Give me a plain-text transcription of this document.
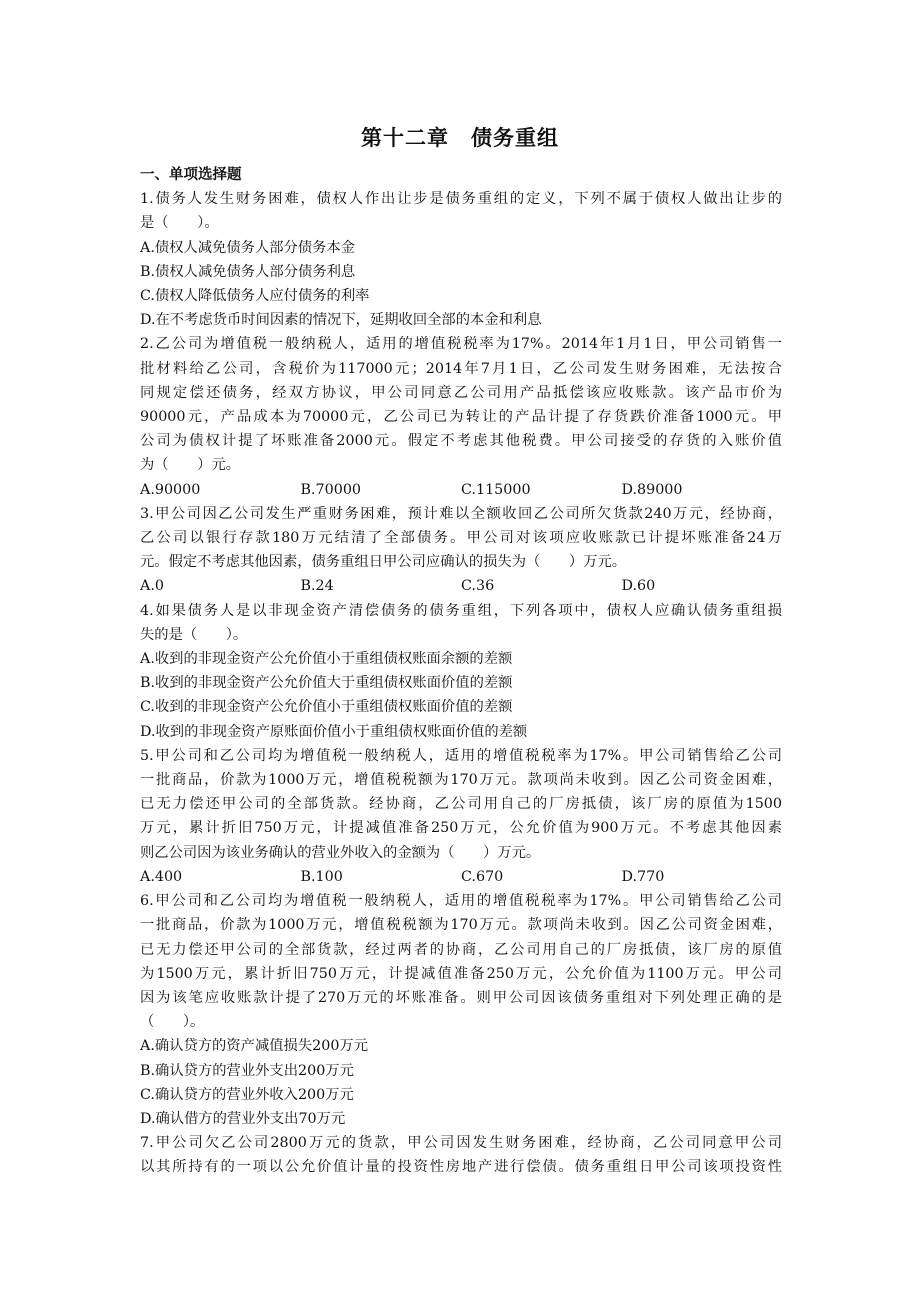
第十二章　债务重组
一、单项选择题
1.债务人发生财务困难，债权人作出让步是债务重组的定义，下列不属于债权人做出让步的
是（　　）。
A.债权人减免债务人部分债务本金
B.债权人减免债务人部分债务利息
C.债权人降低债务人应付债务的利率
D.在不考虑货币时间因素的情况下，延期收回全部的本金和利息
2.乙公司为增值税一般纳税人，适用的增值税税率为17%。2014年1月1日，甲公司销售一
批材料给乙公司，含税价为117000元；2014年7月1日，乙公司发生财务困难，无法按合
同规定偿还债务，经双方协议，甲公司同意乙公司用产品抵偿该应收账款。该产品市价为
90000元，产品成本为70000元，乙公司已为转让的产品计提了存货跌价准备1000元。甲
公司为债权计提了坏账准备2000元。假定不考虑其他税费。甲公司接受的存货的入账价值
为（　　）元。
A.90000	B.70000	C.115000	D.89000
3.甲公司因乙公司发生严重财务困难，预计难以全额收回乙公司所欠货款240万元，经协商，
乙公司以银行存款180万元结清了全部债务。甲公司对该项应收账款已计提坏账准备24万
元。假定不考虑其他因素，债务重组日甲公司应确认的损失为（　　）万元。
A.0	B.24	C.36	D.60
4.如果债务人是以非现金资产清偿债务的债务重组，下列各项中，债权人应确认债务重组损
失的是（　　）。
A.收到的非现金资产公允价值小于重组债权账面余额的差额
B.收到的非现金资产公允价值大于重组债权账面价值的差额
C.收到的非现金资产公允价值小于重组债权账面价值的差额
D.收到的非现金资产原账面价值小于重组债权账面价值的差额
5.甲公司和乙公司均为增值税一般纳税人，适用的增值税税率为17%。甲公司销售给乙公司
一批商品，价款为1000万元，增值税税额为170万元。款项尚未收到。因乙公司资金困难，
已无力偿还甲公司的全部货款。经协商，乙公司用自己的厂房抵债，该厂房的原值为1500
万元，累计折旧750万元，计提减值准备250万元，公允价值为900万元。不考虑其他因素
则乙公司因为该业务确认的营业外收入的金额为（　　）万元。
A.400	B.100	C.670	D.770
6.甲公司和乙公司均为增值税一般纳税人，适用的增值税税率为17%。甲公司销售给乙公司
一批商品，价款为1000万元，增值税税额为170万元。款项尚未收到。因乙公司资金困难，
已无力偿还甲公司的全部货款，经过两者的协商，乙公司用自己的厂房抵债，该厂房的原值
为1500万元，累计折旧750万元，计提减值准备250万元，公允价值为1100万元。甲公司
因为该笔应收账款计提了270万元的坏账准备。则甲公司因该债务重组对下列处理正确的是
（　　）。
A.确认贷方的资产减值损失200万元
B.确认贷方的营业外支出200万元
C.确认贷方的营业外收入200万元
D.确认借方的营业外支出70万元
7.甲公司欠乙公司2800万元的货款，甲公司因发生财务困难，经协商，乙公司同意甲公司
以其所持有的一项以公允价值计量的投资性房地产进行偿债。债务重组日甲公司该项投资性
